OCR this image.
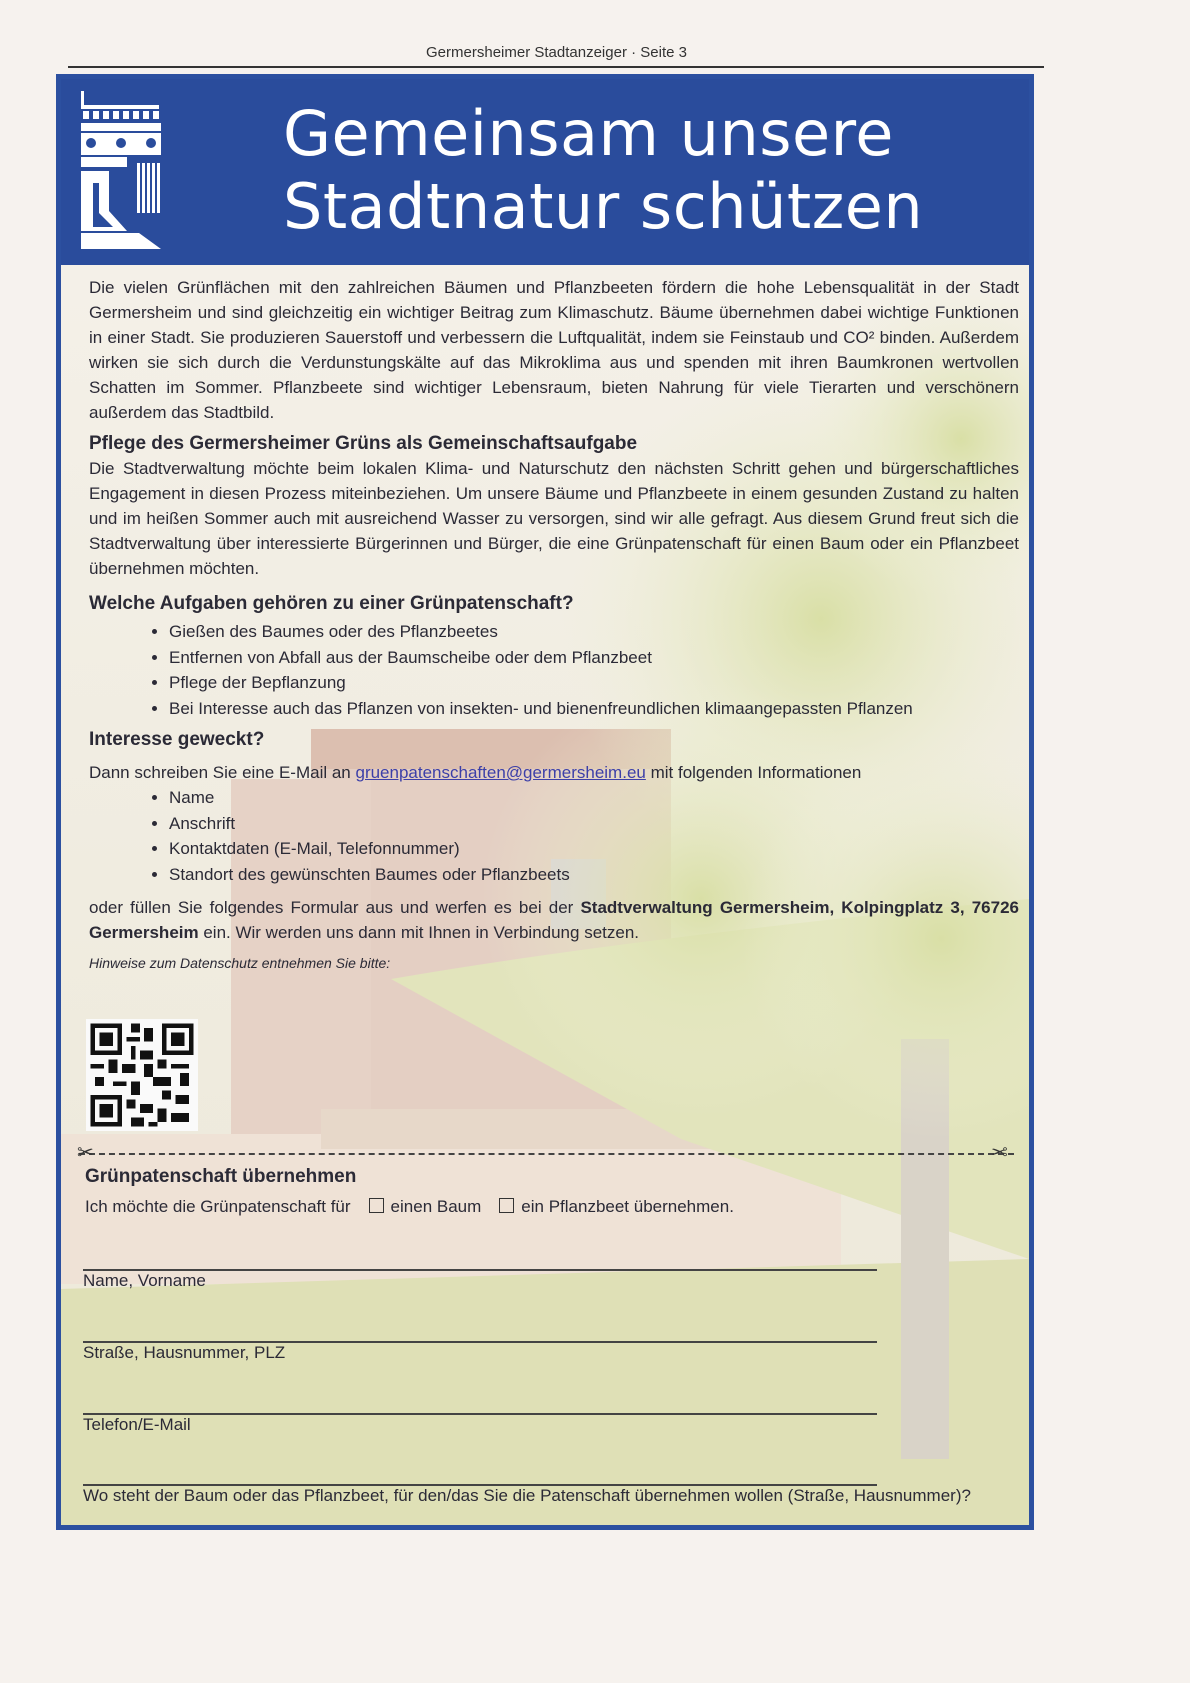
Germersheimer Stadtanzeiger · Seite 3
Gemeinsam unsere
Stadtnatur schützen

Die vielen Grünflächen mit den zahlreichen Bäumen und Pflanzbeeten fördern die hohe Lebensqualität in der Stadt Germersheim und sind gleichzeitig ein wichtiger Beitrag zum Klimaschutz. Bäume übernehmen dabei wichtige Funktionen in einer Stadt. Sie produzieren Sauerstoff und verbessern die Luftqualität, indem sie Feinstaub und CO² binden. Außerdem wirken sie sich durch die Verdunstungskälte auf das Mikroklima aus und spenden mit ihren Baumkronen wertvollen Schatten im Sommer. Pflanzbeete sind wichtiger Lebensraum, bieten Nahrung für viele Tierarten und verschönern außerdem das Stadtbild.

Pflege des Germersheimer Grüns als Gemeinschaftsaufgabe

Die Stadtverwaltung möchte beim lokalen Klima- und Naturschutz den nächsten Schritt gehen und bürgerschaftliches Engagement in diesen Prozess miteinbeziehen. Um unsere Bäume und Pflanzbeete in einem gesunden Zustand zu halten und im heißen Sommer auch mit ausreichend Wasser zu versorgen, sind wir alle gefragt. Aus diesem Grund freut sich die Stadtverwaltung über interessierte Bürgerinnen und Bürger, die eine Grünpatenschaft für einen Baum oder ein Pflanzbeet übernehmen möchten.

Welche Aufgaben gehören zu einer Grünpatenschaft?
• Gießen des Baumes oder des Pflanzbeetes
• Entfernen von Abfall aus der Baumscheibe oder dem Pflanzbeet
• Pflege der Bepflanzung
• Bei Interesse auch das Pflanzen von insekten- und bienenfreundlichen klimaangepassten Pflanzen
Interesse geweckt?

Dann schreiben Sie eine E-Mail an gruenpatenschaften@germersheim.eu mit folgenden Informationen

• Name
• Anschrift
• Kontaktdaten (E-Mail, Telefonnummer)
• Standort des gewünschten Baumes oder Pflanzbeets

oder füllen Sie folgendes Formular aus und werfen es bei der Stadtverwaltung Germersheim, Kolpingplatz 3, 76726 Germersheim ein. Wir werden uns dann mit Ihnen in Verbindung setzen.

Hinweise zum Datenschutz entnehmen Sie bitte:

✂	✂
Grünpatenschaft übernehmen
Ich möchte die Grünpatenschaft für einen Baum ein Pflanzbeet übernehmen.
Name, Vorname
Straße, Hausnummer, PLZ
Telefon/E-Mail
Wo steht der Baum oder das Pflanzbeet, für den/das Sie die Patenschaft übernehmen wollen (Straße, Hausnummer)?
